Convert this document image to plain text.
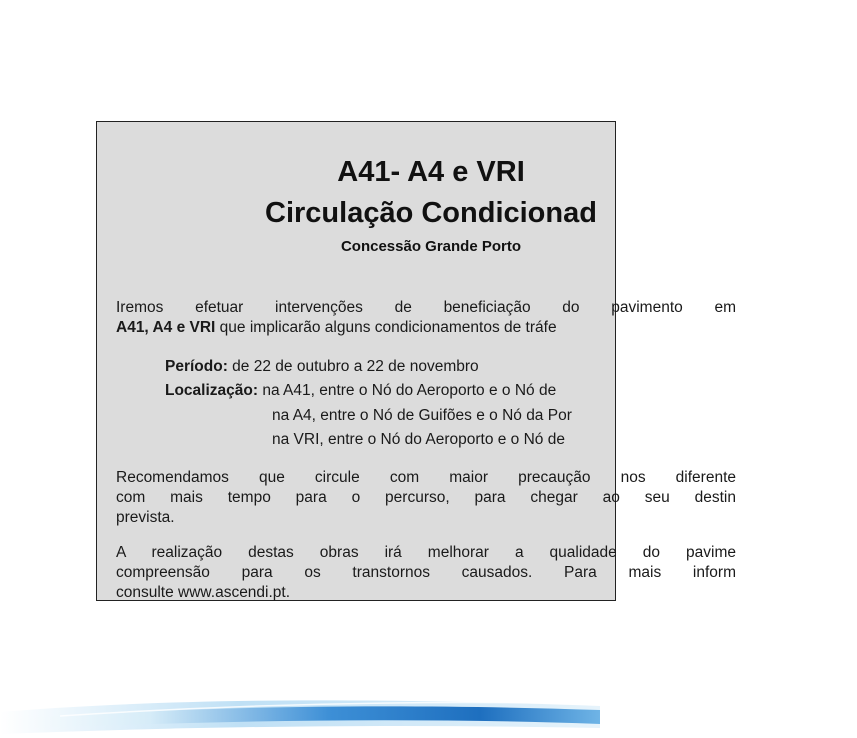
A41- A4 e VRI
Circulação Condicionad
Concessão Grande Porto
Iremos efetuar intervenções de beneficiação do pavimento em
A41, A4 e VRI que implicarão alguns condicionamentos de tráfe
Período: de 22 de outubro a 22 de novembro
Localização: na A41, entre o Nó do Aeroporto e o Nó de
na A4, entre o Nó de Guifões e o Nó da Por
na VRI, entre o Nó do Aeroporto e o Nó de
Recomendamos que circule com maior precaução nos diferente
com mais tempo para o percurso, para chegar ao seu destin
prevista.
A realização destas obras irá melhorar a qualidade do pavime
compreensão para os transtornos causados. Para mais inform
consulte www.ascendi.pt.
